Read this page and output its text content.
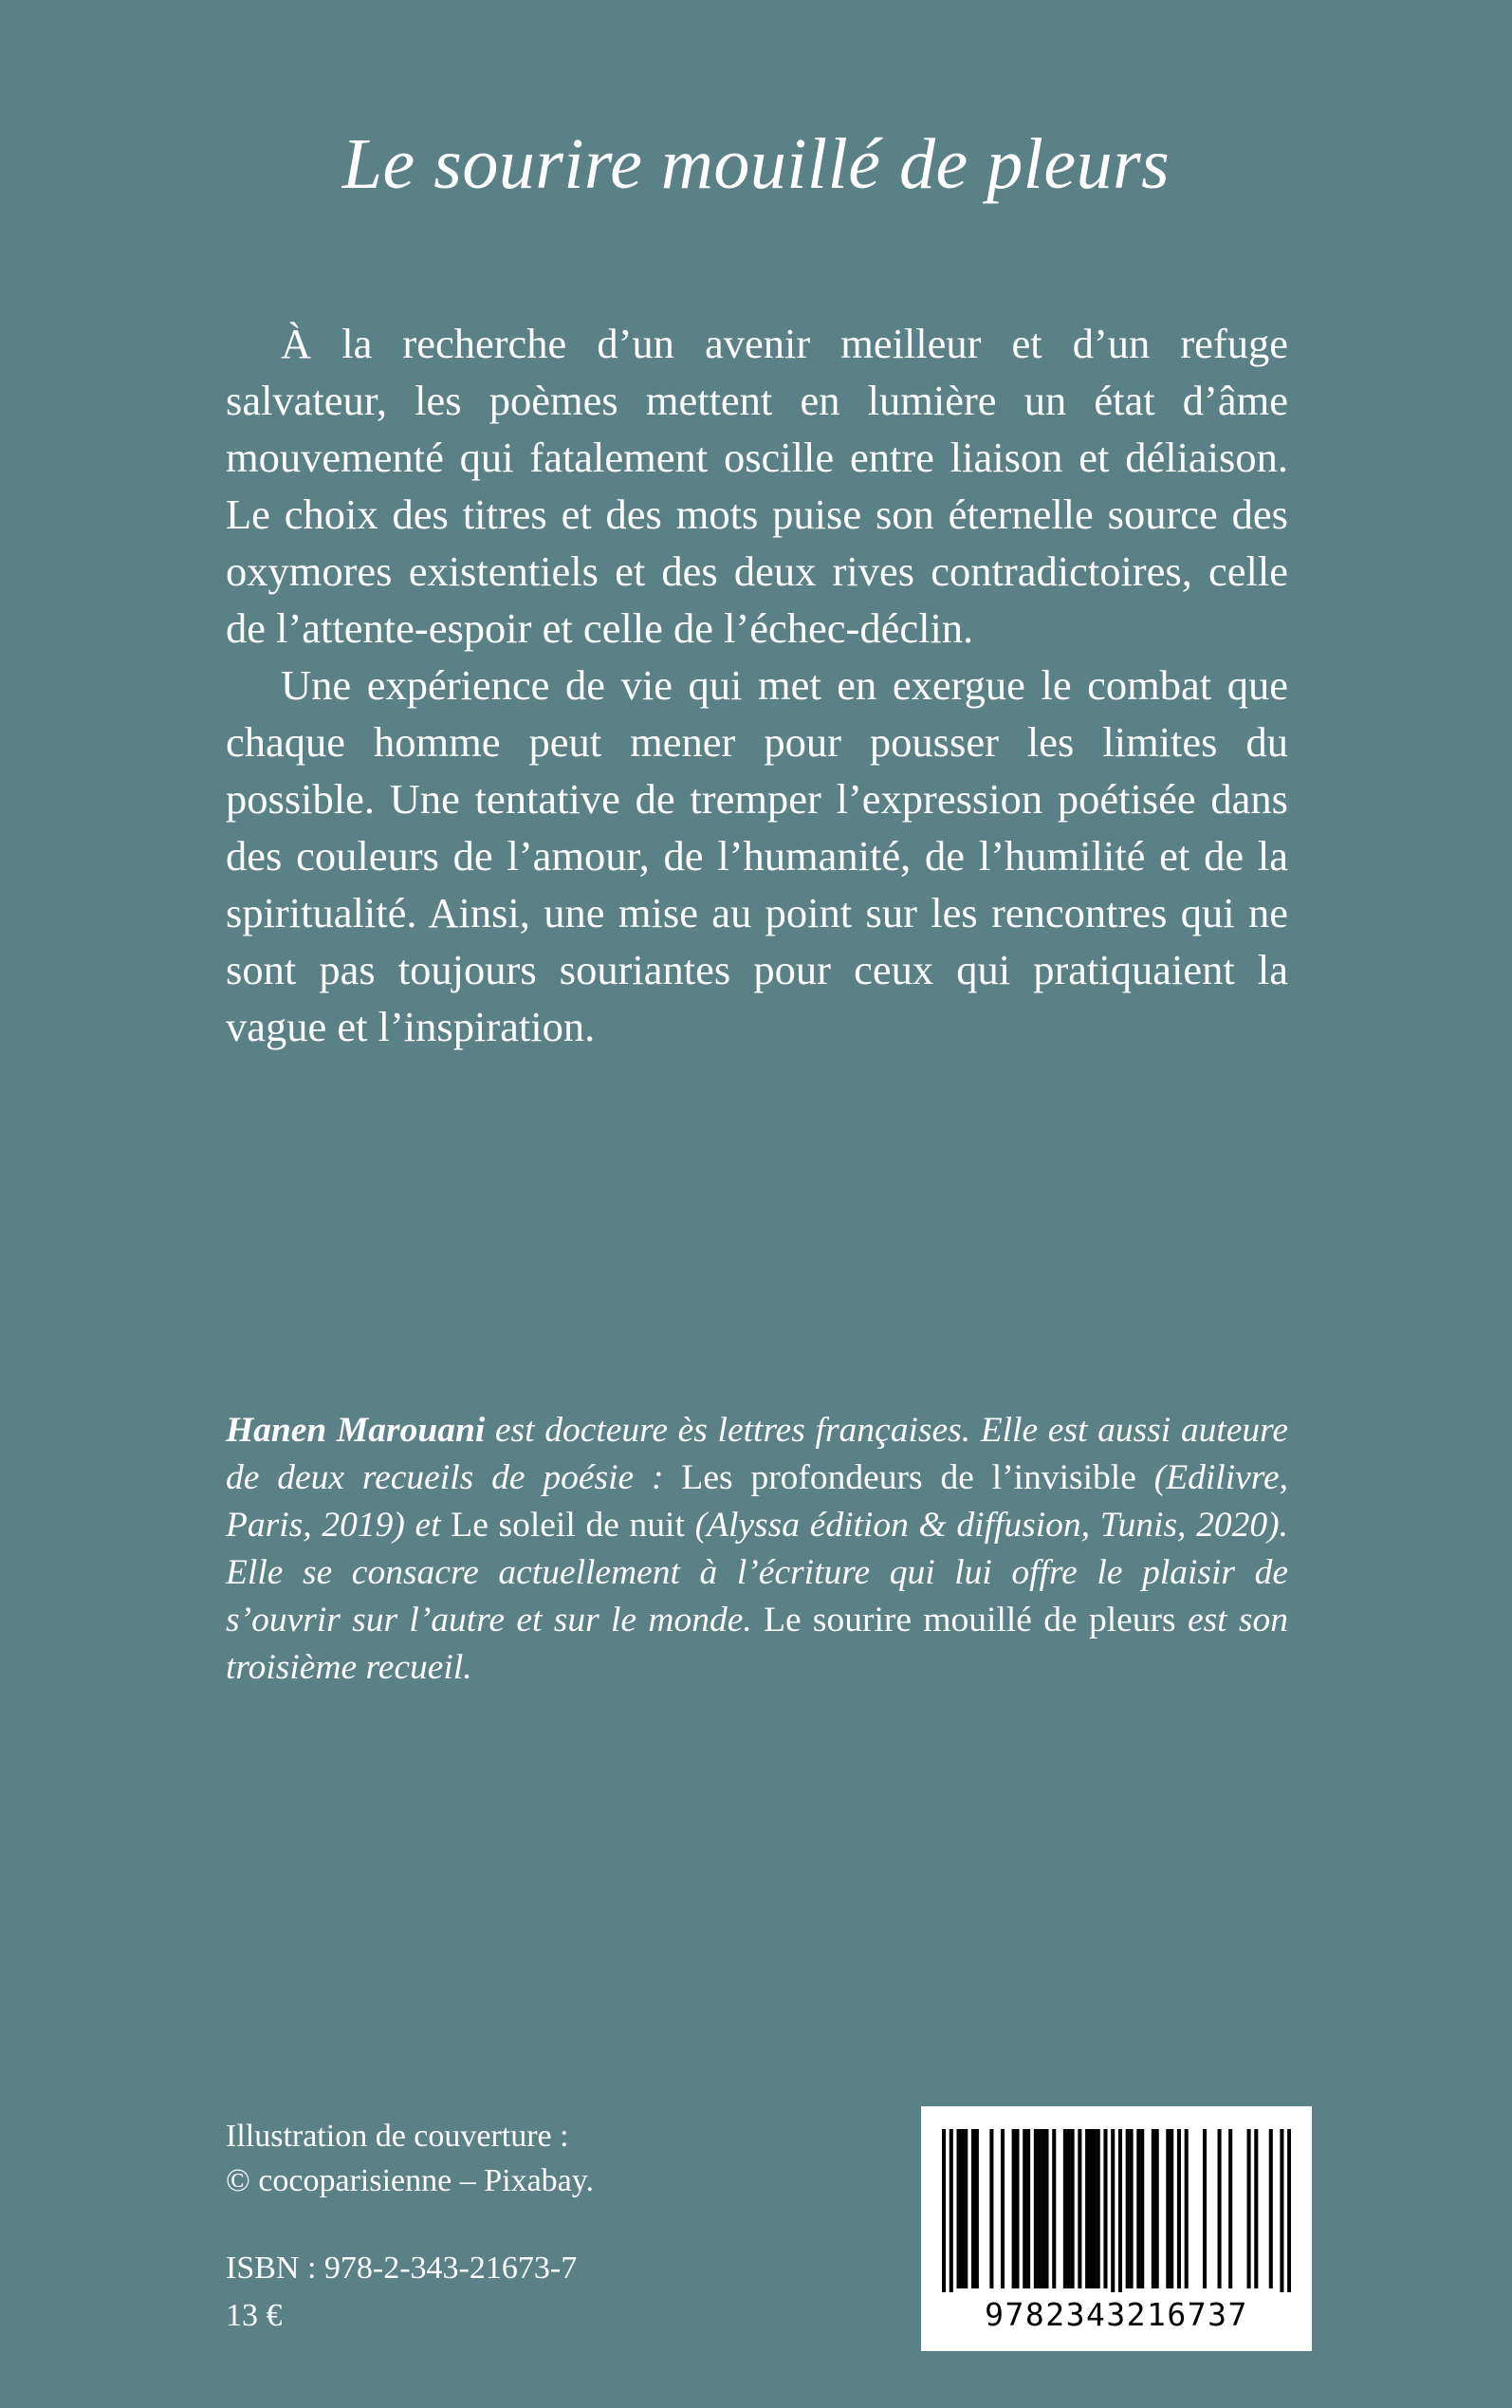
Le sourire mouillé de pleurs

À la recherche d’un avenir meilleur et d’un refuge salvateur, les poèmes mettent en lumière un état d’âme mouvementé qui fatalement oscille entre liaison et déliaison. Le choix des titres et des mots puise son éternelle source des oxymores existentiels et des deux rives contradictoires, celle de l’attente-espoir et celle de l’échec-déclin.

Une expérience de vie qui met en exergue le combat que chaque homme peut mener pour pousser les limites du possible. Une tentative de tremper l’expression poétisée dans des couleurs de l’amour, de l’humanité, de l’humilité et de la spiritualité. Ainsi, une mise au point sur les rencontres qui ne sont pas toujours souriantes pour ceux qui pratiquaient la vague et l’inspiration.

Hanen Marouani est docteure ès lettres françaises. Elle est aussi auteure de deux recueils de poésie : Les profondeurs de l’invisible (Edilivre, Paris, 2019) et Le soleil de nuit (Alyssa édition & diffusion, Tunis, 2020). Elle se consacre actuellement à l’écriture qui lui offre le plaisir de s’ouvrir sur l’autre et sur le monde. Le sourire mouillé de pleurs est son troisième recueil.

Illustration de couverture :
© cocoparisienne – Pixabay.
ISBN : 978-2-343-21673-7
13 €	9782343216737
